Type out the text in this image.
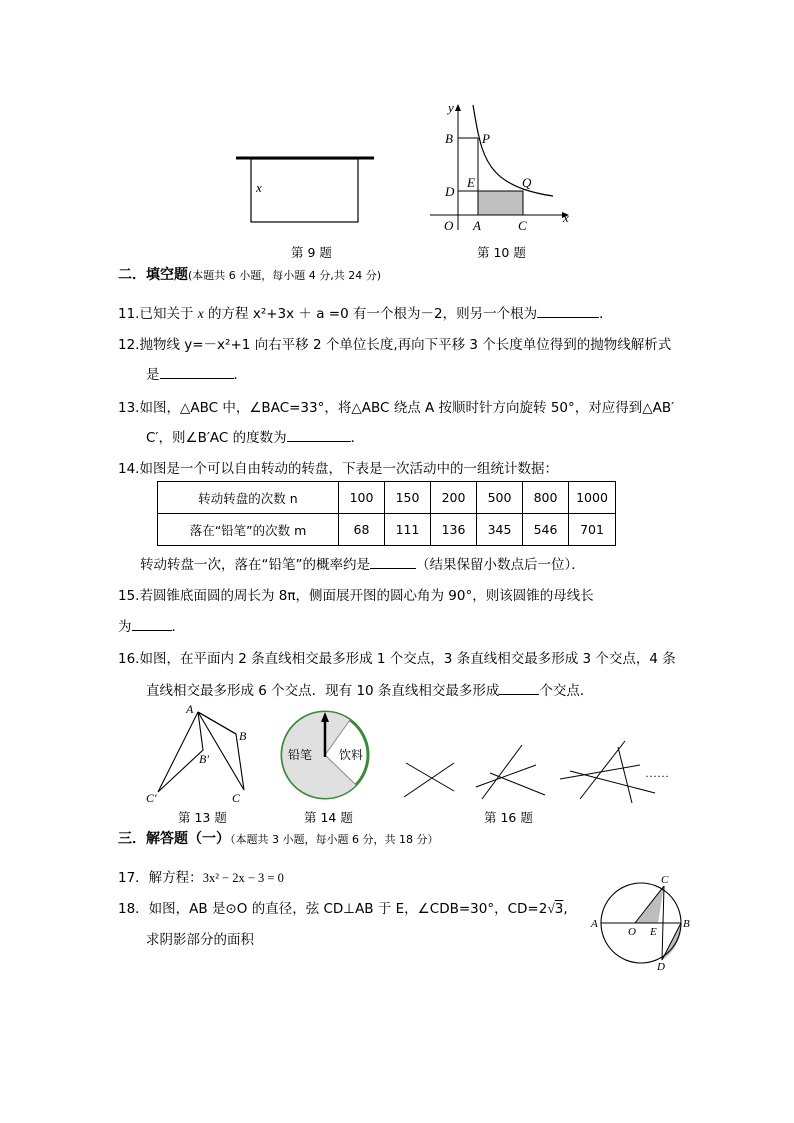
x
第 9 题
y
x
B P
E	Q
D
O A	C
第 10 题
二．填空题(本题共 6 小题，每小题 4 分,共 24 分)
11.已知关于 x 的方程 x²+3x ＋ a =0 有一个根为－2，则另一个根为	．
12.抛物线 y=－x²+1 向右平移 2 个单位长度,再向下平移 3 个长度单位得到的抛物线解析式
是	．
13.如图，△ABC 中，∠BAC=33°，将△ABC 绕点 A 按顺时针方向旋转 50°，对应得到△AB′
C′，则∠B′AC 的度数为	．
14.如图是一个可以自由转动的转盘，下表是一次活动中的一组统计数据：
转动转盘的次数 n	100	150	200	500	800	1000
落在“铅笔”的次数 m	68	111	136	345	546	701
转动转盘一次，落在“铅笔”的概率约是	（结果保留小数点后一位）．
15.若圆锥底面圆的周长为 8π，侧面展开图的圆心角为 90°，则该圆锥的母线长
为	．
16.如图，在平面内 2 条直线相交最多形成 1 个交点，3 条直线相交最多形成 3 个交点，4 条
直线相交最多形成 6 个交点．现有 10 条直线相交最多形成	个交点．
A
B
B′
C
C′
第 13 题
铅笔 饮料
第 14 题
……
第 16 题
三．解答题（一）（本题共 3 小题，每小题 6 分，共 18 分）
17．解方程：3x² − 2x − 3 = 0
18．如图，AB 是⊙O 的直径，弦 CD⊥AB 于 E，∠CDB=30°，CD=2√3,
求阴影部分的面积
A
O E
B
C
D
